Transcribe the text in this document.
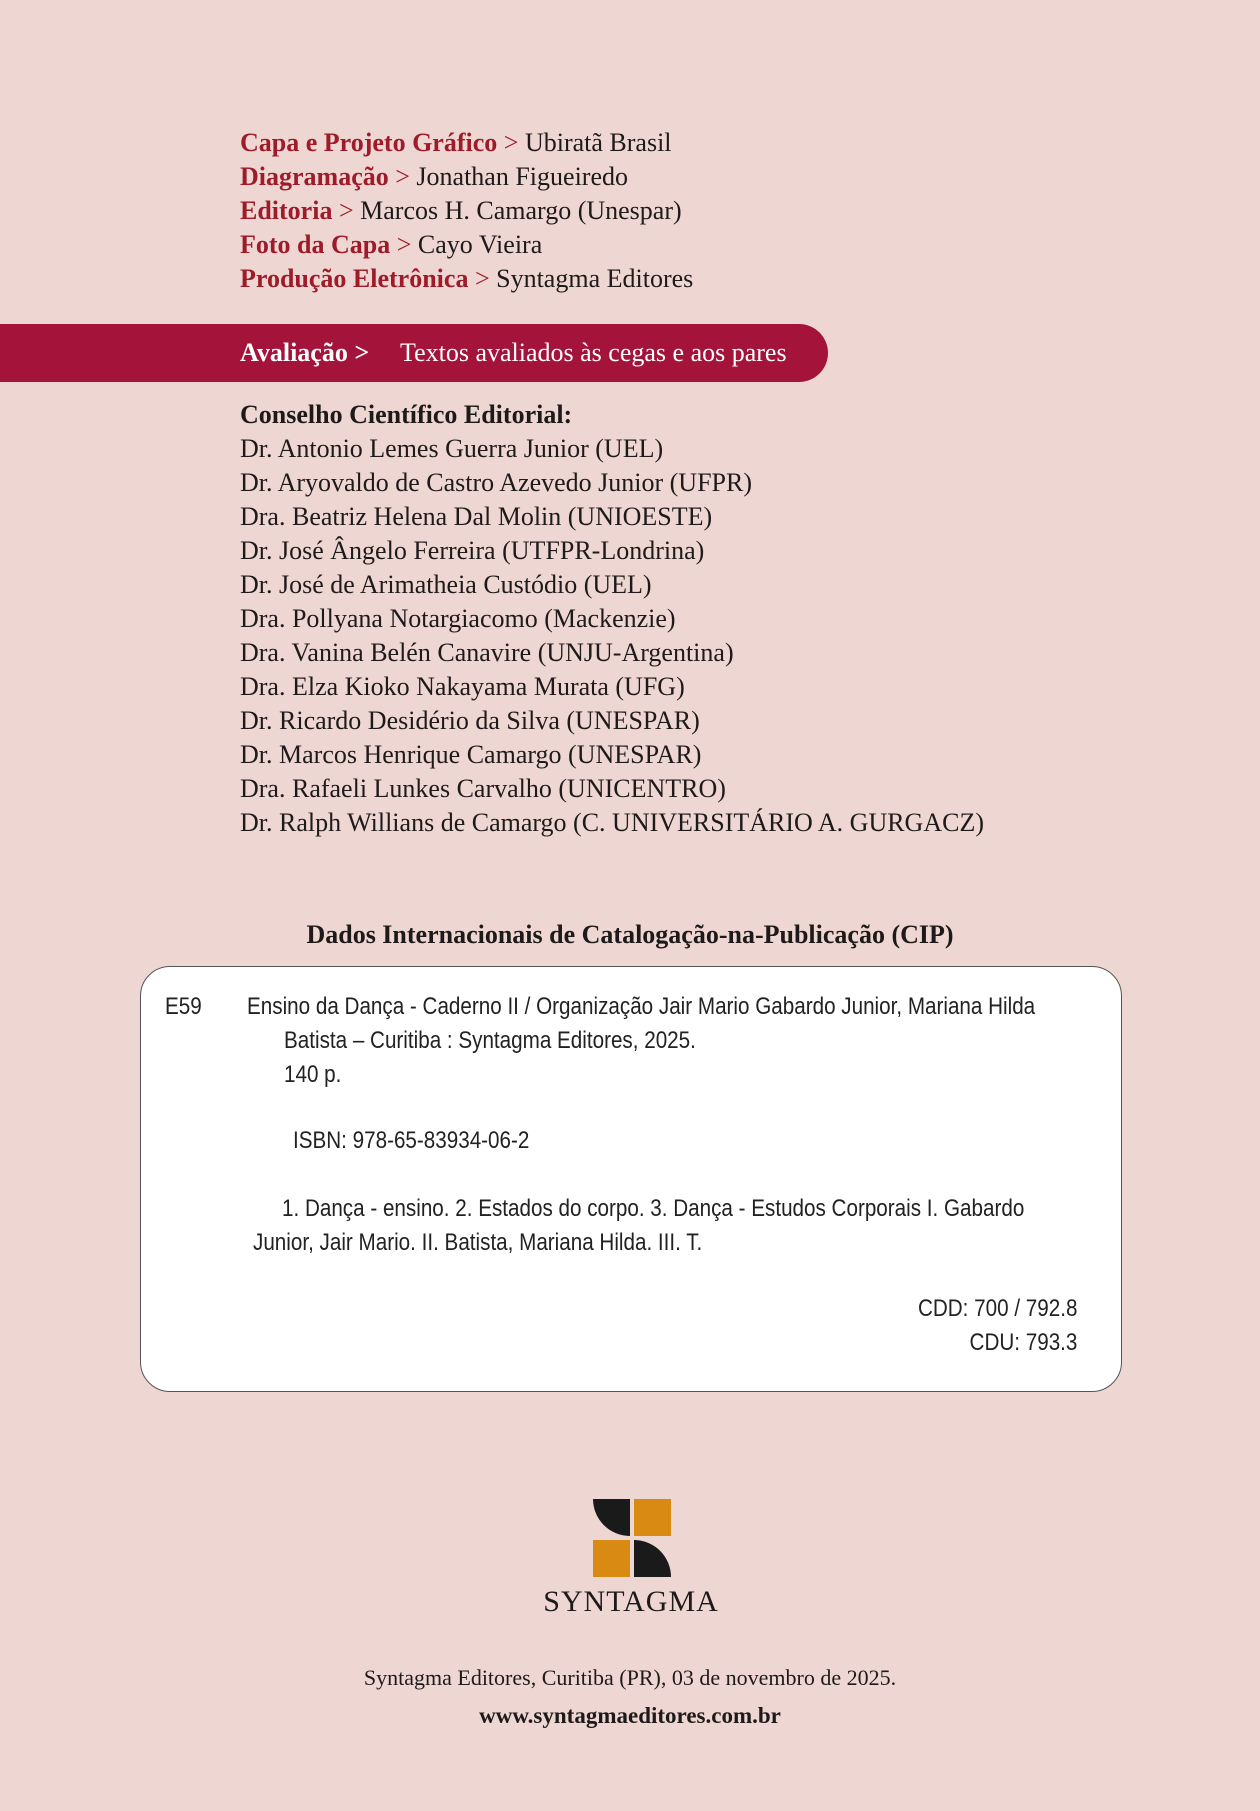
Capa e Projeto Gráfico > Ubiratã Brasil
Diagramação > Jonathan Figueiredo
Editoria > Marcos H. Camargo (Unespar)
Foto da Capa > Cayo Vieira
Produção Eletrônica > Syntagma Editores
Avaliação > Textos avaliados às cegas e aos pares
Conselho Científico Editorial:
Dr. Antonio Lemes Guerra Junior (UEL)
Dr. Aryovaldo de Castro Azevedo Junior (UFPR)
Dra. Beatriz Helena Dal Molin (UNIOESTE)
Dr. José Ângelo Ferreira (UTFPR-Londrina)
Dr. José de Arimatheia Custódio (UEL)
Dra. Pollyana Notargiacomo (Mackenzie)
Dra. Vanina Belén Canavire (UNJU-Argentina)
Dra. Elza Kioko Nakayama Murata (UFG)
Dr. Ricardo Desidério da Silva (UNESPAR)
Dr. Marcos Henrique Camargo (UNESPAR)
Dra. Rafaeli Lunkes Carvalho (UNICENTRO)
Dr. Ralph Willians de Camargo (C. UNIVERSITÁRIO A. GURGACZ)
Dados Internacionais de Catalogação-na-Publicação (CIP)
E59 Ensino da Dança - Caderno II / Organização Jair Mario Gabardo Junior, Mariana Hilda
Batista – Curitiba : Syntagma Editores, 2025.
140 p.
ISBN: 978-65-83934-06-2
1. Dança - ensino. 2. Estados do corpo. 3. Dança - Estudos Corporais I. Gabardo
Junior, Jair Mario. II. Batista, Mariana Hilda. III. T.
CDD: 700 / 792.8
CDU: 793.3
SYNTAGMA
Syntagma Editores, Curitiba (PR), 03 de novembro de 2025.
www.syntagmaeditores.com.br
